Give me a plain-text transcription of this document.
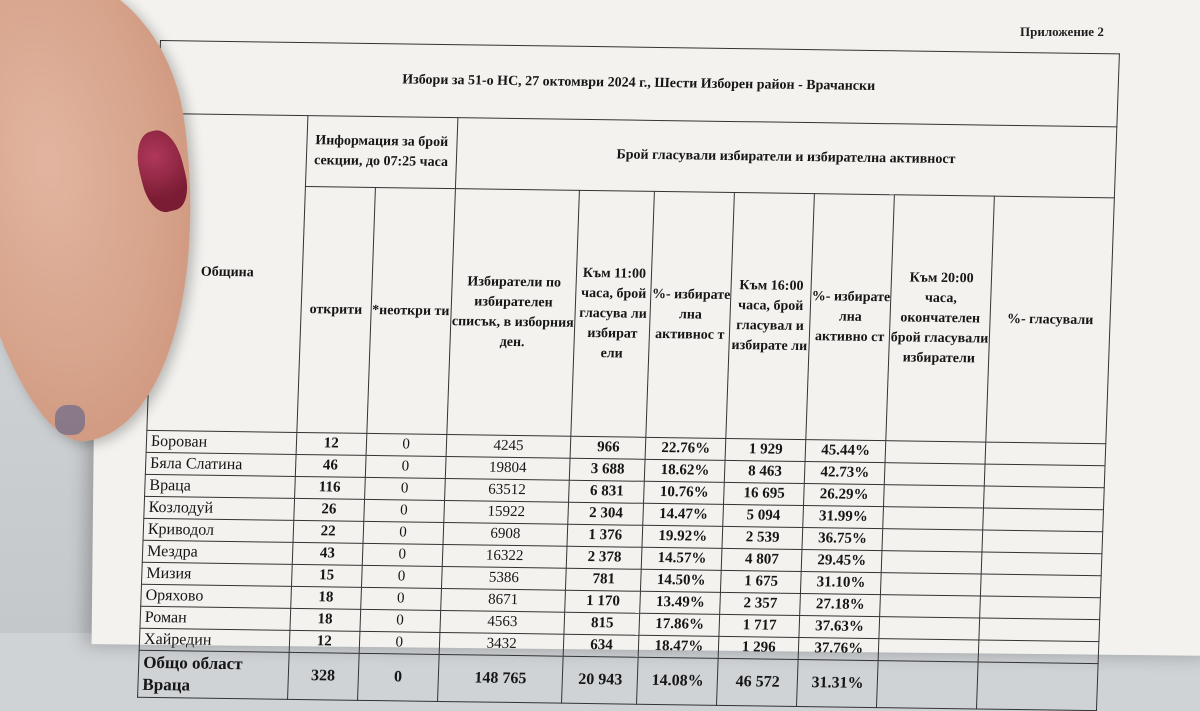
Приложение 2
Избори за 51-о НС, 27 октомври 2024 г., Шести Изборен район - Врачански									
Община	Информация за брой секции, до 07:25 часа		Брой гласували избиратели и избирателна активност						
	открити	*неоткри ти	Избиратели по избирателен списък, в изборния ден.	Към 11:00 часа, брой гласува ли избират ели	%- избирате лна активнос т	Към 16:00 часа, брой гласувал и избирате ли	%- избирате лна активно ст	Към 20:00 часа, окончателен брой гласували избиратели	%- гласували
Борован	12	0	4245	966	22.76%	1 929	45.44%		
Бяла Слатина	46	0	19804	3 688	18.62%	8 463	42.73%		
Враца	116	0	63512	6 831	10.76%	16 695	26.29%		
Козлодуй	26	0	15922	2 304	14.47%	5 094	31.99%		
Криводол	22	0	6908	1 376	19.92%	2 539	36.75%		
Мездра	43	0	16322	2 378	14.57%	4 807	29.45%		
Мизия	15	0	5386	781	14.50%	1 675	31.10%		
Оряхово	18	0	8671	1 170	13.49%	2 357	27.18%		
Роман	18	0	4563	815	17.86%	1 717	37.63%		
Хайредин	12	0	3432	634	18.47%	1 296	37.76%		
Общо област Враца	328	0	148 765	20 943	14.08%	46 572	31.31%		
